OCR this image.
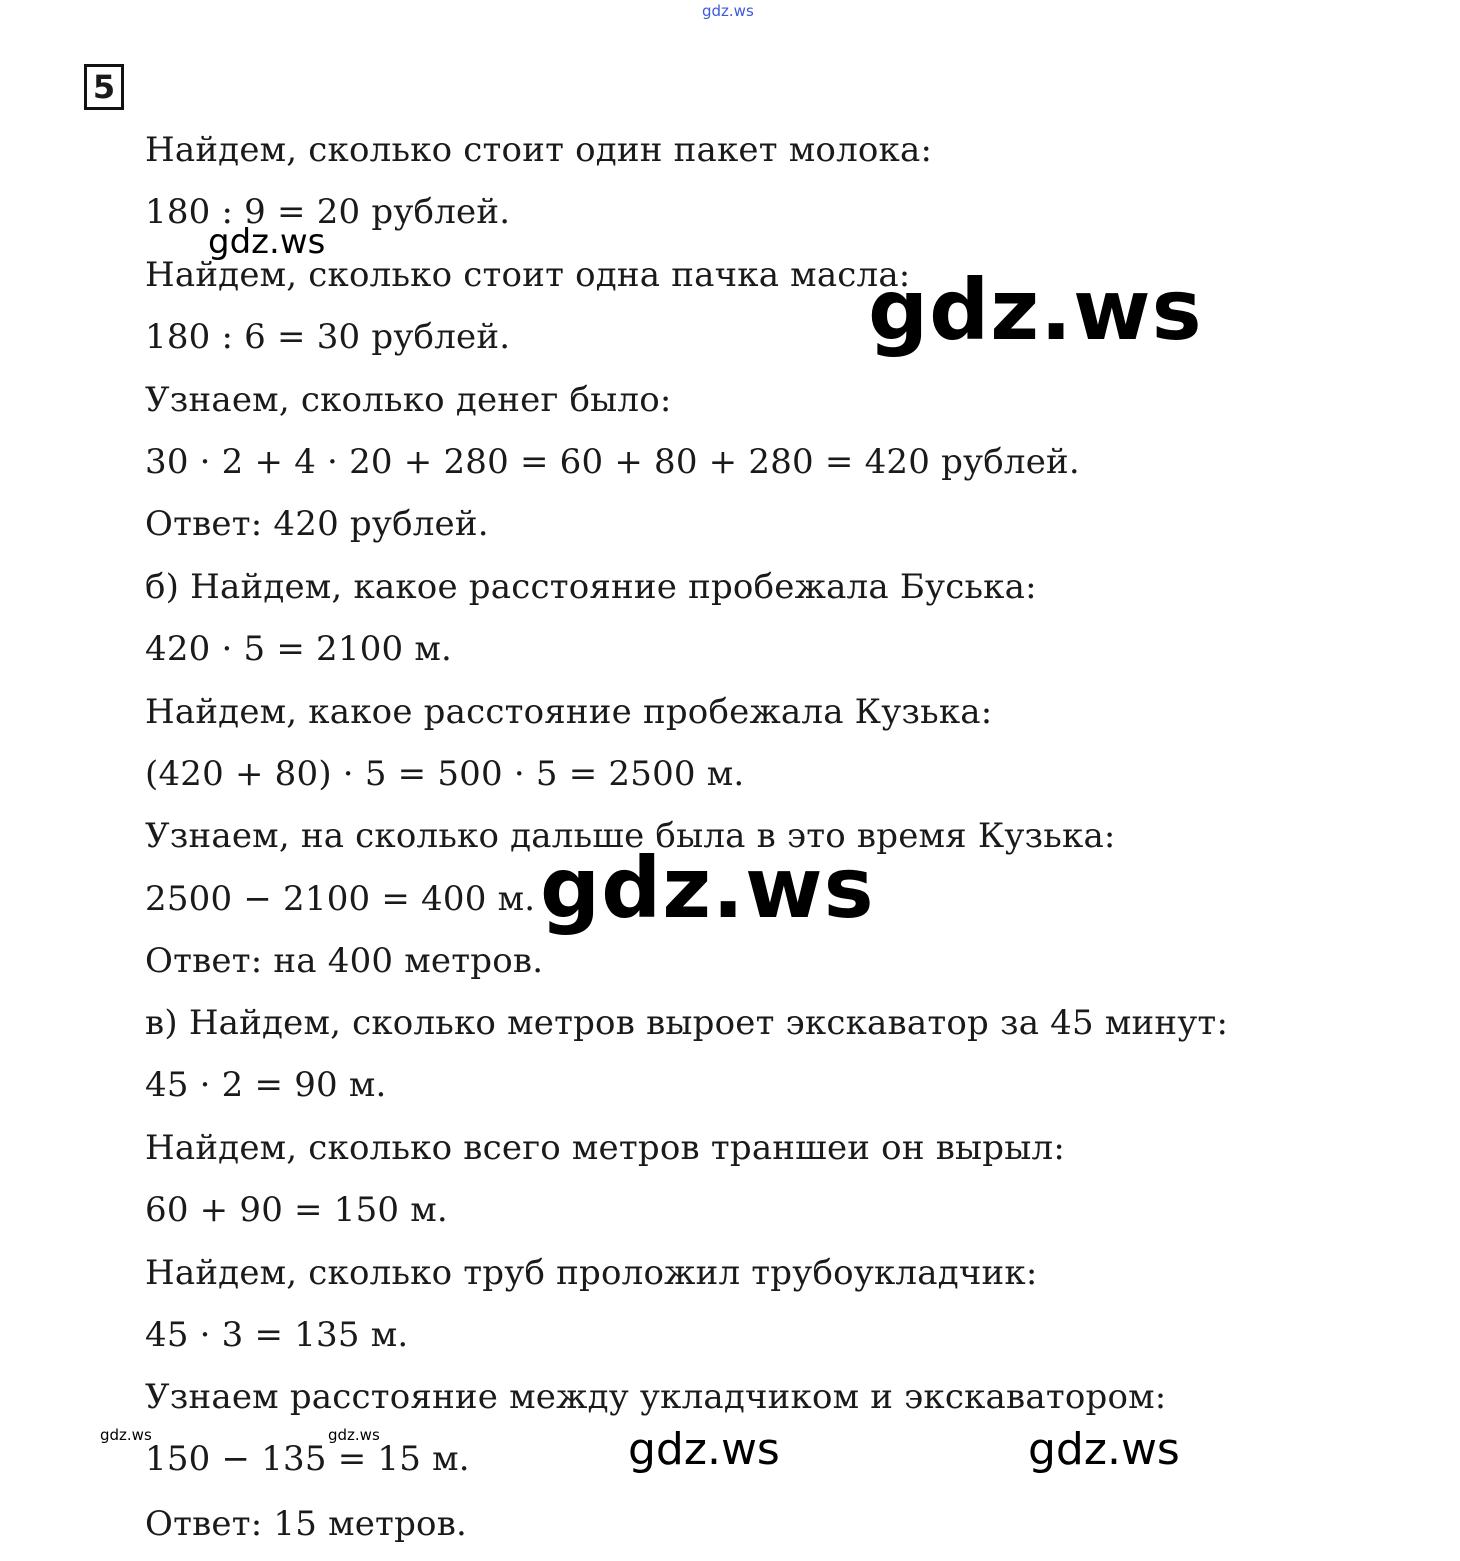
5
Найдем, сколько стоит один пакет молока:
180 : 9 = 20 рублей.
Найдем, сколько стоит одна пачка масла:
180 : 6 = 30 рублей.
Узнаем, сколько денег было:
30 · 2 + 4 · 20 + 280 = 60 + 80 + 280 = 420 рублей.
Ответ: 420 рублей.
б) Найдем, какое расстояние пробежала Буська:
420 · 5 = 2100 м.
Найдем, какое расстояние пробежала Кузька:
(420 + 80) · 5 = 500 · 5 = 2500 м.
Узнаем, на сколько дальше была в это время Кузька:
2500 − 2100 = 400 м.
Ответ: на 400 метров.
в) Найдем, сколько метров выроет экскаватор за 45 минут:
45 · 2 = 90 м.
Найдем, сколько всего метров траншеи он вырыл:
60 + 90 = 150 м.
Найдем, сколько труб проложил трубоукладчик:
45 · 3 = 135 м.
Узнаем расстояние между укладчиком и экскаватором:
150 − 135 = 15 м.
Ответ: 15 метров.
gdz.ws
gdz.ws
gdz.ws
gdz.ws
gdz.ws	gdz.ws	gdz.ws	gdz.ws
